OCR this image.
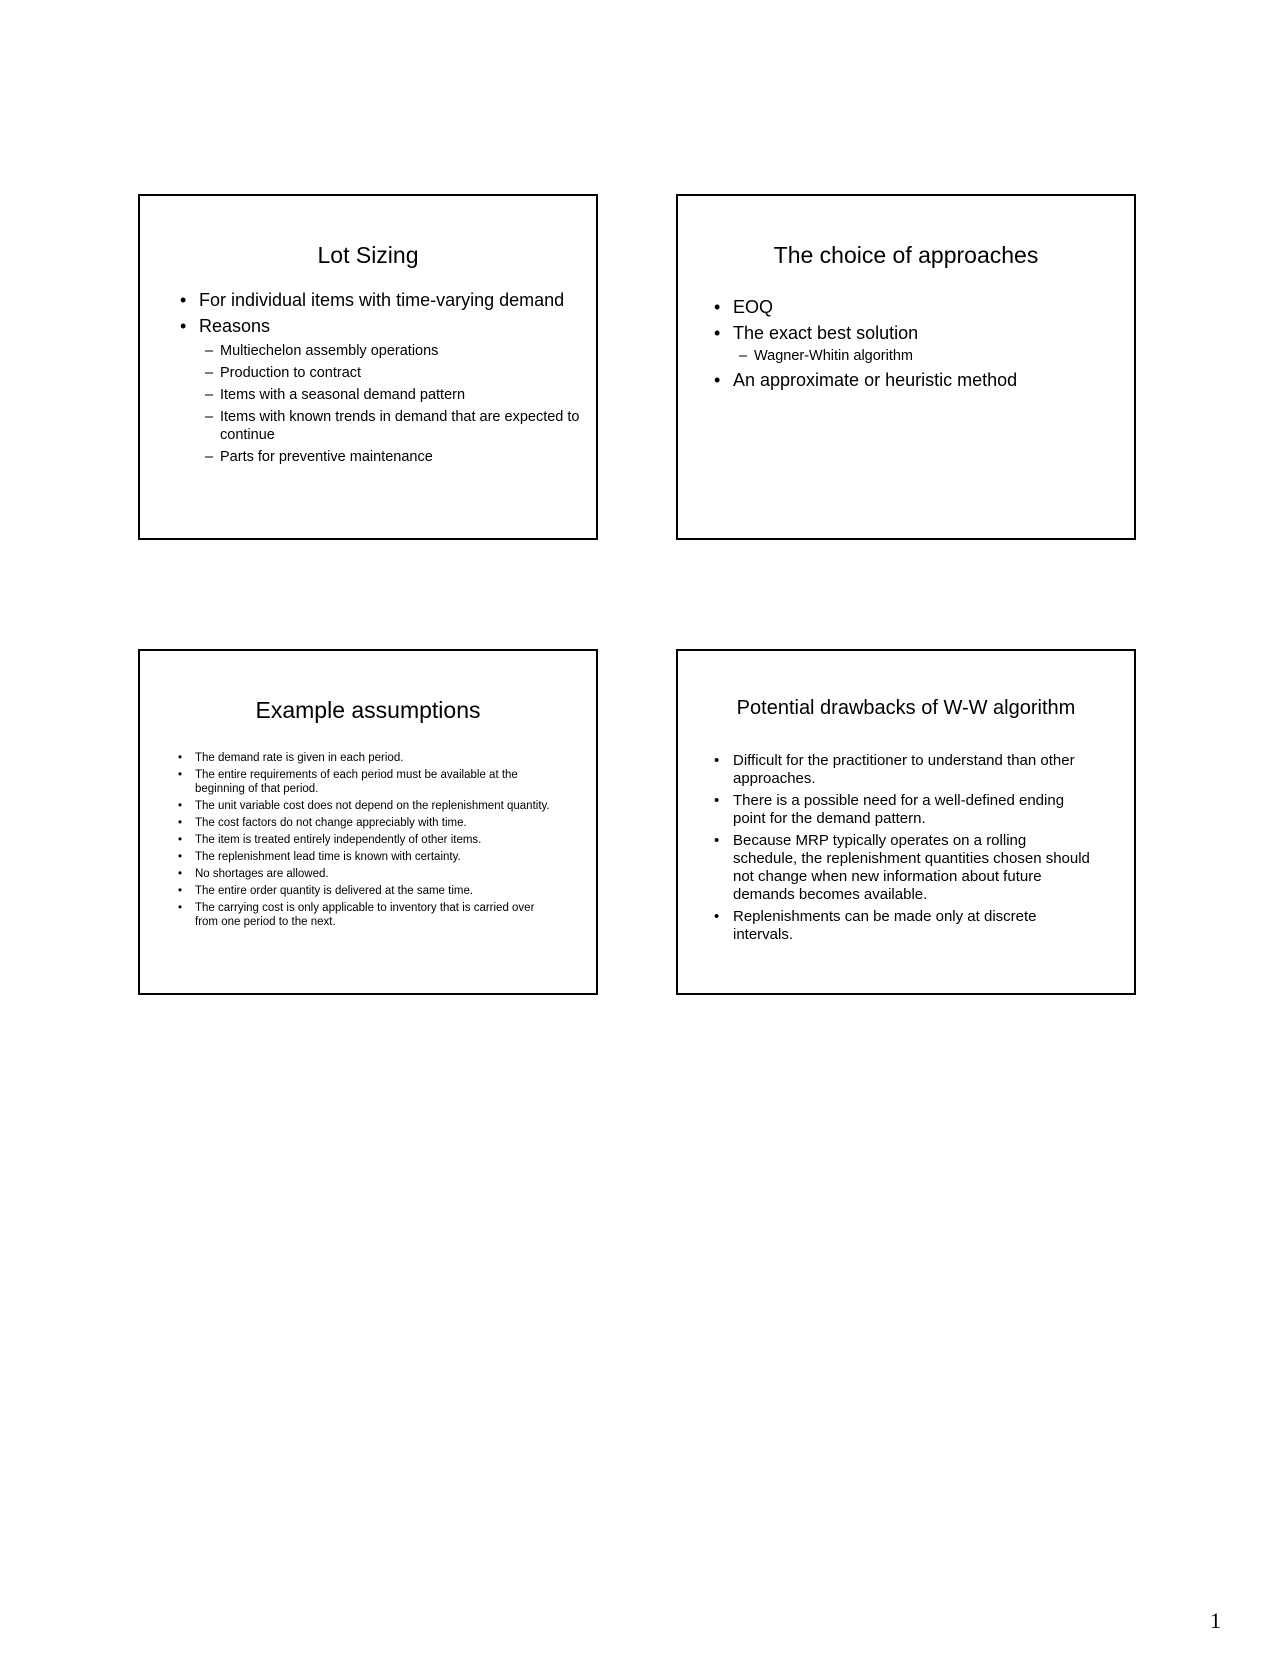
Lot Sizing
• For individual items with time-varying demand
• Reasons
– Multiechelon assembly operations
– Production to contract
– Items with a seasonal demand pattern
– Items with known trends in demand that are expected to continue
– Parts for preventive maintenance
The choice of approaches
• EOQ
• The exact best solution
– Wagner-Whitin algorithm
• An approximate or heuristic method
Example assumptions
• The demand rate is given in each period.
• The entire requirements of each period must be available at the beginning of that period.
• The unit variable cost does not depend on the replenishment quantity.
• The cost factors do not change appreciably with time.
• The item is treated entirely independently of other items.
• The replenishment lead time is known with certainty.
• No shortages are allowed.
• The entire order quantity is delivered at the same time.
• The carrying cost is only applicable to inventory that is carried over from one period to the next.
Potential drawbacks of W-W algorithm
• Difficult for the practitioner to understand than other approaches.
• There is a possible need for a well-defined ending point for the demand pattern.
• Because MRP typically operates on a rolling schedule, the replenishment quantities chosen should not change when new information about future demands becomes available.
• Replenishments can be made only at discrete intervals.
1
